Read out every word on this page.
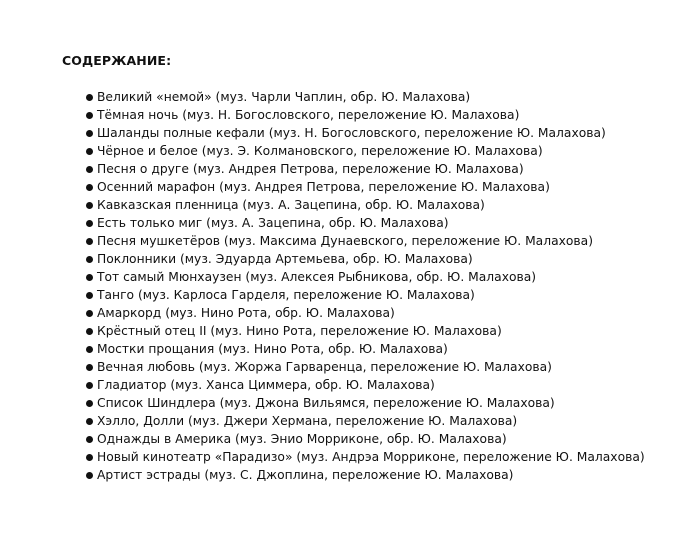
СОДЕРЖАНИЕ:
Великий «немой» (муз. Чарли Чаплин, обр. Ю. Малахова)
Тёмная ночь (муз. Н. Богословского, переложение Ю. Малахова)
Шаланды полные кефали (муз. Н. Богословского, переложение Ю. Малахова)
Чёрное и белое (муз. Э. Колмановского, переложение Ю. Малахова)
Песня о друге (муз. Андрея Петрова, переложение Ю. Малахова)
Осенний марафон (муз. Андрея Петрова, переложение Ю. Малахова)
Кавказская пленница (муз. А. Зацепина, обр. Ю. Малахова)
Есть только миг (муз. А. Зацепина, обр. Ю. Малахова)
Песня мушкетёров (муз. Максима Дунаевского, переложение Ю. Малахова)
Поклонники (муз. Эдуарда Артемьева, обр. Ю. Малахова)
Тот самый Мюнхаузен (муз. Алексея Рыбникова, обр. Ю. Малахова)
Танго (муз. Карлоса Гарделя, переложение Ю. Малахова)
Амаркорд (муз. Нино Рота, обр. Ю. Малахова)
Крёстный отец II (муз. Нино Рота, переложение Ю. Малахова)
Мостки прощания (муз. Нино Рота, обр. Ю. Малахова)
Вечная любовь (муз. Жоржа Гарваренца, переложение Ю. Малахова)
Гладиатор (муз. Ханса Циммера, обр. Ю. Малахова)
Список Шиндлера (муз. Джона Вильямся, переложение Ю. Малахова)
Хэлло, Долли (муз. Джери Хермана, переложение Ю. Малахова)
Однажды в Америка (муз. Энио Морриконе, обр. Ю. Малахова)
Новый кинотеатр «Парадизо» (муз. Андрэа Морриконе, переложение Ю. Малахова)
Артист эстрады (муз. С. Джоплина, переложение Ю. Малахова)
